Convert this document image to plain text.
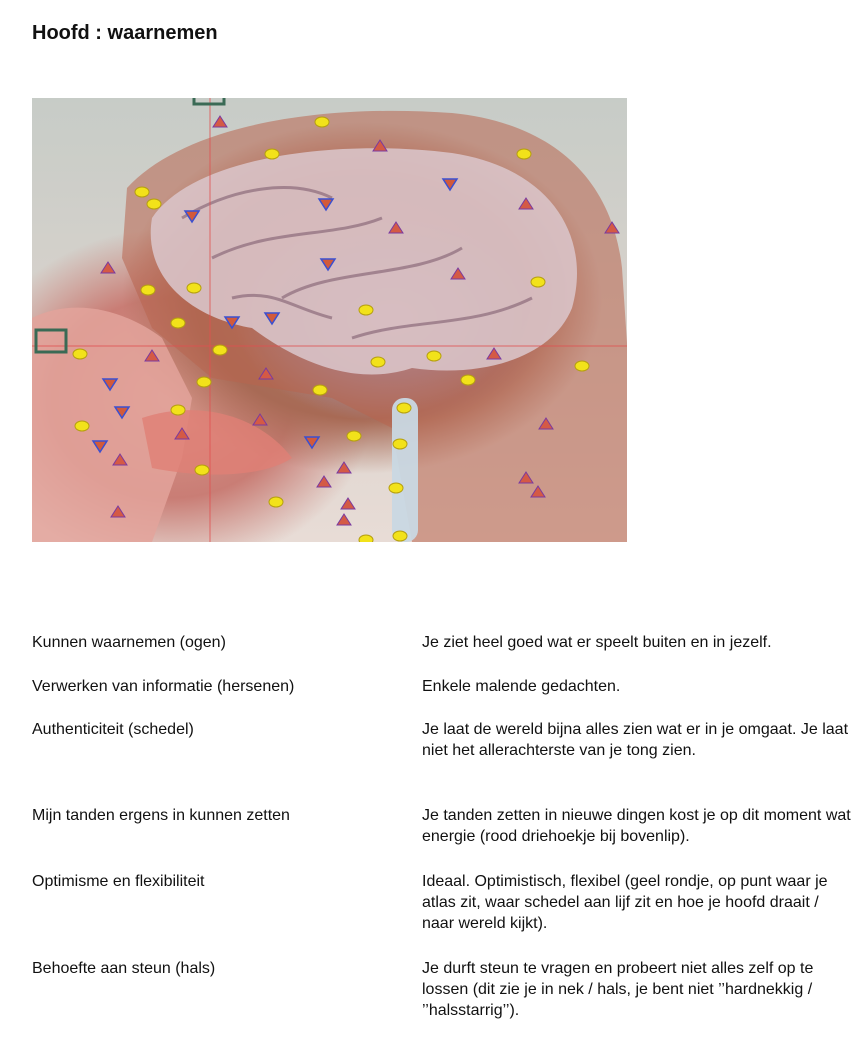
Hoofd : waarnemen
Kunnen waarnemen (ogen)	Je ziet heel goed wat er speelt buiten en in jezelf.
Verwerken van informatie (hersenen)	Enkele malende gedachten.
Authenticiteit (schedel)	Je laat de wereld bijna alles zien wat er in je omgaat. Je laat niet het allerachterste van je tong zien.
Mijn tanden ergens in kunnen zetten	Je tanden zetten in nieuwe dingen kost je op dit moment wat energie (rood driehoekje bij bovenlip).
Optimisme en flexibiliteit	Ideaal. Optimistisch, flexibel (geel rondje, op punt waar je atlas zit, waar schedel aan lijf zit en hoe je hoofd draait / naar wereld kijkt).
Behoefte aan steun (hals)	Je durft steun te vragen en probeert niet alles zelf op te lossen (dit zie je in nek / hals, je bent niet ’’hardnekkig / ’’halsstarrig’’).
